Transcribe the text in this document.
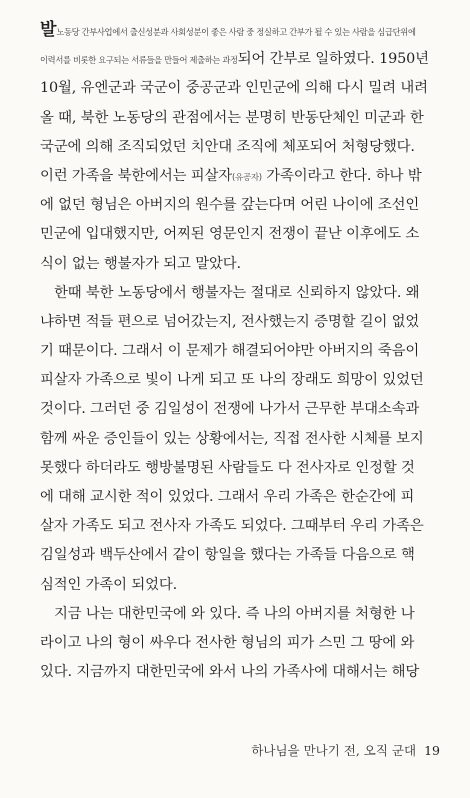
발노동당 간부사업에서 출신성분과 사회성분이 좋은 사람 중 정실하고 간부가 될 수 있는 사람을 심급단위에
이력서를 비롯한 요구되는 서류들을 만들어 제출하는 과정되어 간부로 일하였다. 1950년
10월, 유엔군과 국군이 중공군과 인민군에 의해 다시 밀려 내려
올 때, 북한 노동당의 관점에서는 분명히 반동단체인 미군과 한
국군에 의해 조직되었던 치안대 조직에 체포되어 처형당했다.
이런 가족을 북한에서는 피살자(유공자) 가족이라고 한다. 하나 밖
에 없던 형님은 아버지의 원수를 갚는다며 어린 나이에 조선인
민군에 입대했지만, 어찌된 영문인지 전쟁이 끝난 이후에도 소
식이 없는 행불자가 되고 말았다.
한때 북한 노동당에서 행불자는 절대로 신뢰하지 않았다. 왜
냐하면 적들 편으로 넘어갔는지, 전사했는지 증명할 길이 없었
기 때문이다. 그래서 이 문제가 해결되어야만 아버지의 죽음이
피살자 가족으로 빛이 나게 되고 또 나의 장래도 희망이 있었던
것이다. 그러던 중 김일성이 전쟁에 나가서 근무한 부대소속과
함께 싸운 증인들이 있는 상황에서는, 직접 전사한 시체를 보지
못했다 하더라도 행방불명된 사람들도 다 전사자로 인정할 것
에 대해 교시한 적이 있었다. 그래서 우리 가족은 한순간에 피
살자 가족도 되고 전사자 가족도 되었다. 그때부터 우리 가족은
김일성과 백두산에서 같이 항일을 했다는 가족들 다음으로 핵
심적인 가족이 되었다.
지금 나는 대한민국에 와 있다. 즉 나의 아버지를 처형한 나
라이고 나의 형이 싸우다 전사한 형님의 피가 스민 그 땅에 와
있다. 지금까지 대한민국에 와서 나의 가족사에 대해서는 해당
하나님을 만나기 전, 오직 군대 19
